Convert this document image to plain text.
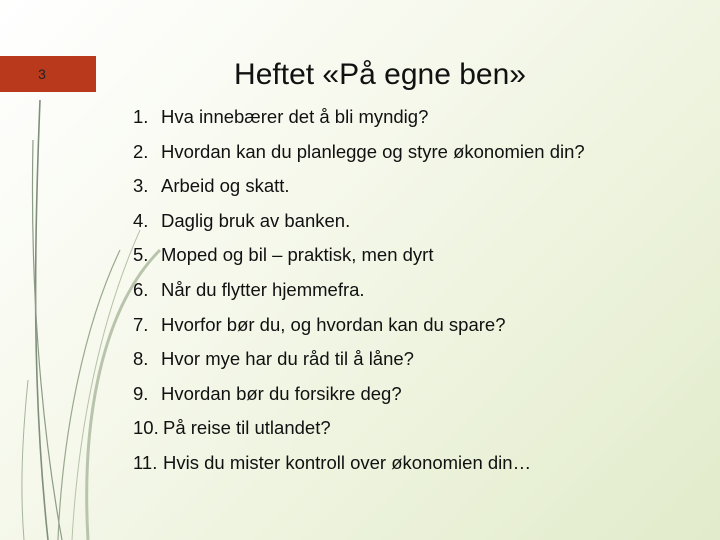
3	Heftet «På egne ben»
1. Hva innebærer det å bli myndig?
2. Hvordan kan du planlegge og styre økonomien din?
3. Arbeid og skatt.
4. Daglig bruk av banken.
5. Moped og bil – praktisk, men dyrt
6. Når du flytter hjemmefra.
7. Hvorfor bør du, og hvordan kan du spare?
8. Hvor mye har du råd til å låne?
9. Hvordan bør du forsikre deg?
10. På reise til utlandet?
11. Hvis du mister kontroll over økonomien din…
